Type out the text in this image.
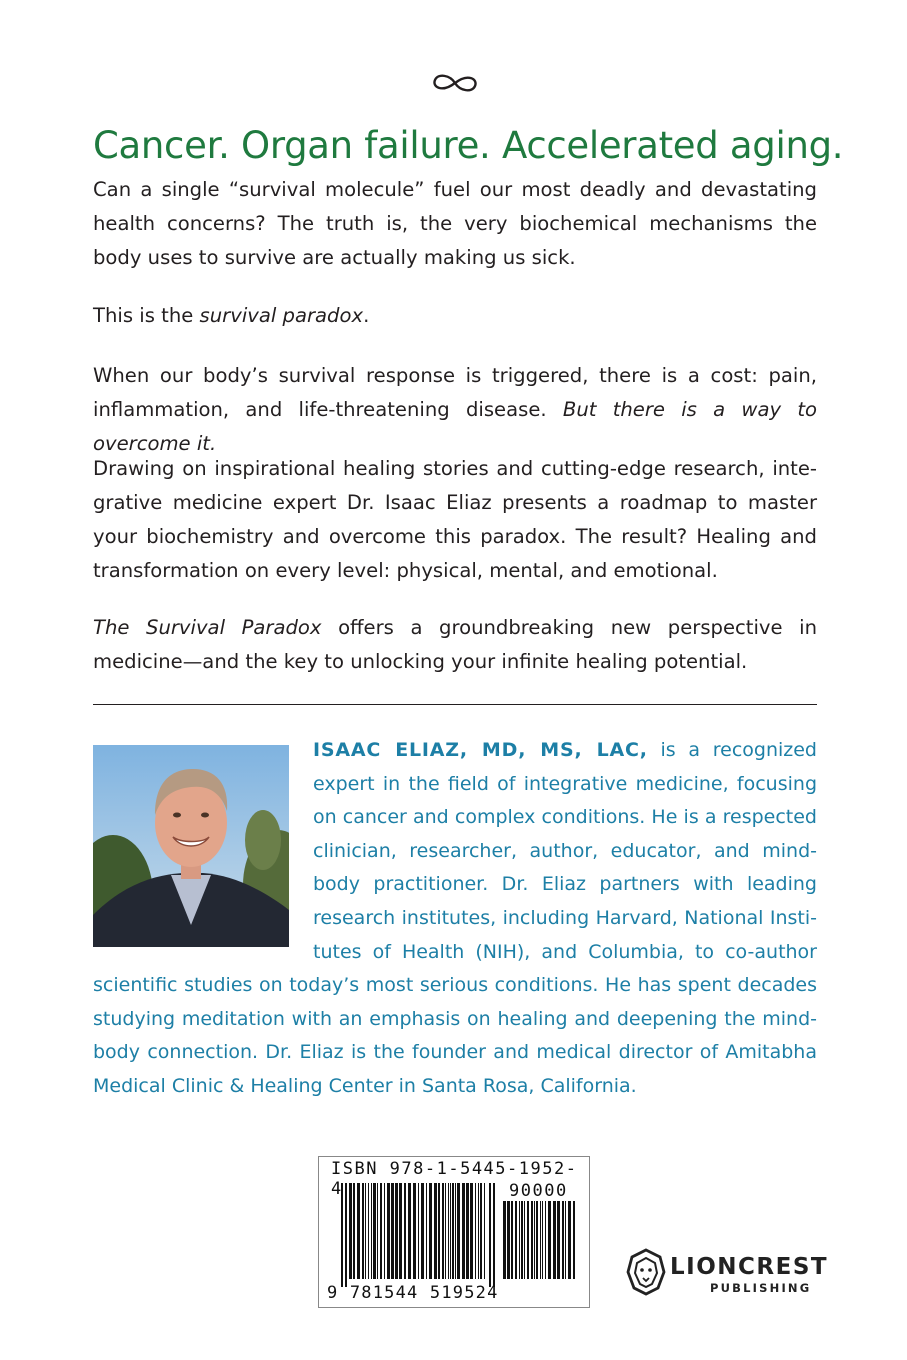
Cancer. Organ failure. Accelerated aging.
Can a single “survival molecule” fuel our most deadly and devastating health concerns? The truth is, the very biochemical mechanisms the body uses to survive are actually making us sick.
This is the survival paradox.
When our body’s survival response is triggered, there is a cost: pain, inflammation, and life-threatening disease. But there is a way to overcome it.
Drawing on inspirational healing stories and cutting-edge research, integrative medicine expert Dr. Isaac Eliaz presents a roadmap to master your biochemistry and overcome this paradox. The result? Healing and transformation on every level: physical, mental, and emotional.
The Survival Paradox offers a groundbreaking new perspective in medicine—and the key to unlocking your infinite healing potential.
ISAAC ELIAZ, MD, MS, LAC, is a recognized expert in the field of integrative medicine, focusing on cancer and complex conditions. He is a respected clinician, researcher, author, educator, and mindbody practitioner. Dr. Eliaz partners with leading research institutes, including Harvard, National Institutes of Health (NIH), and Columbia, to co-author scientific studies on today’s most serious conditions. He has spent decades studying meditation with an emphasis on healing and deepening the mindbody connection. Dr. Eliaz is the founder and medical director of Amitabha Medical Clinic & Healing Center in Santa Rosa, California.
ISBN 978-1-5445-1952-4	90000
9 781544 519524
LIONCREST
PUBLISHING
